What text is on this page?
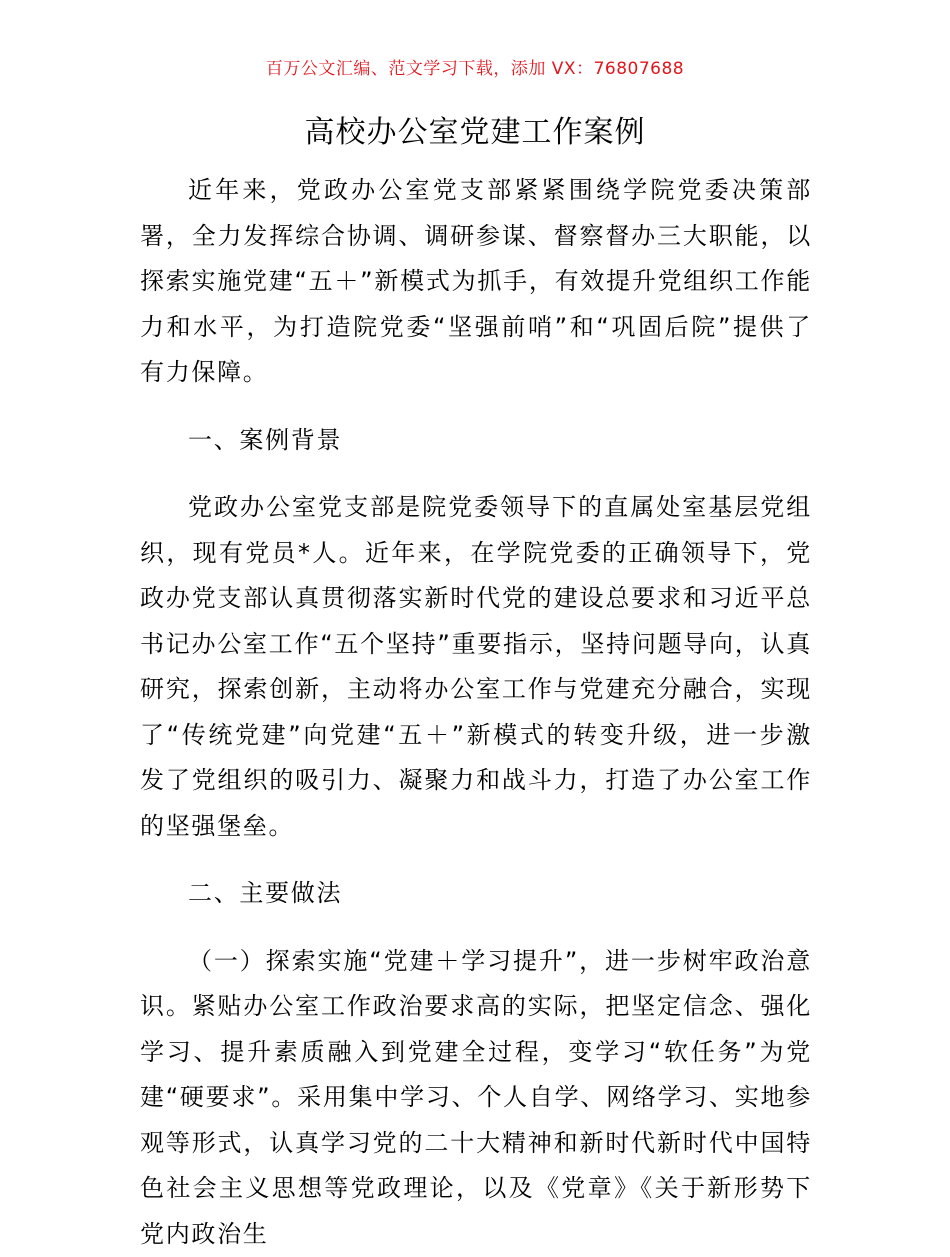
百万公文汇编、范文学习下载，添加 VX：76807688
高校办公室党建工作案例

近年来，党政办公室党支部紧紧围绕学院党委决策部署，全力发挥综合协调、调研参谋、督察督办三大职能，以探索实施党建“五＋”新模式为抓手，有效提升党组织工作能力和水平，为打造院党委“坚强前哨”和“巩固后院”提供了有力保障。

一、案例背景

党政办公室党支部是院党委领导下的直属处室基层党组织，现有党员*人。近年来，在学院党委的正确领导下，党政办党支部认真贯彻落实新时代党的建设总要求和习近平总书记办公室工作“五个坚持”重要指示，坚持问题导向，认真研究，探索创新，主动将办公室工作与党建充分融合，实现了“传统党建”向党建“五＋”新模式的转变升级，进一步激发了党组织的吸引力、凝聚力和战斗力，打造了办公室工作的坚强堡垒。

二、主要做法

（一）探索实施“党建＋学习提升”，进一步树牢政治意识。紧贴办公室工作政治要求高的实际，把坚定信念、强化学习、提升素质融入到党建全过程，变学习“软任务”为党建“硬要求”。采用集中学习、个人自学、网络学习、实地参观等形式，认真学习党的二十大精神和新时代新时代中国特色社会主义思想等党政理论，以及《党章》《关于新形势下党内政治生
